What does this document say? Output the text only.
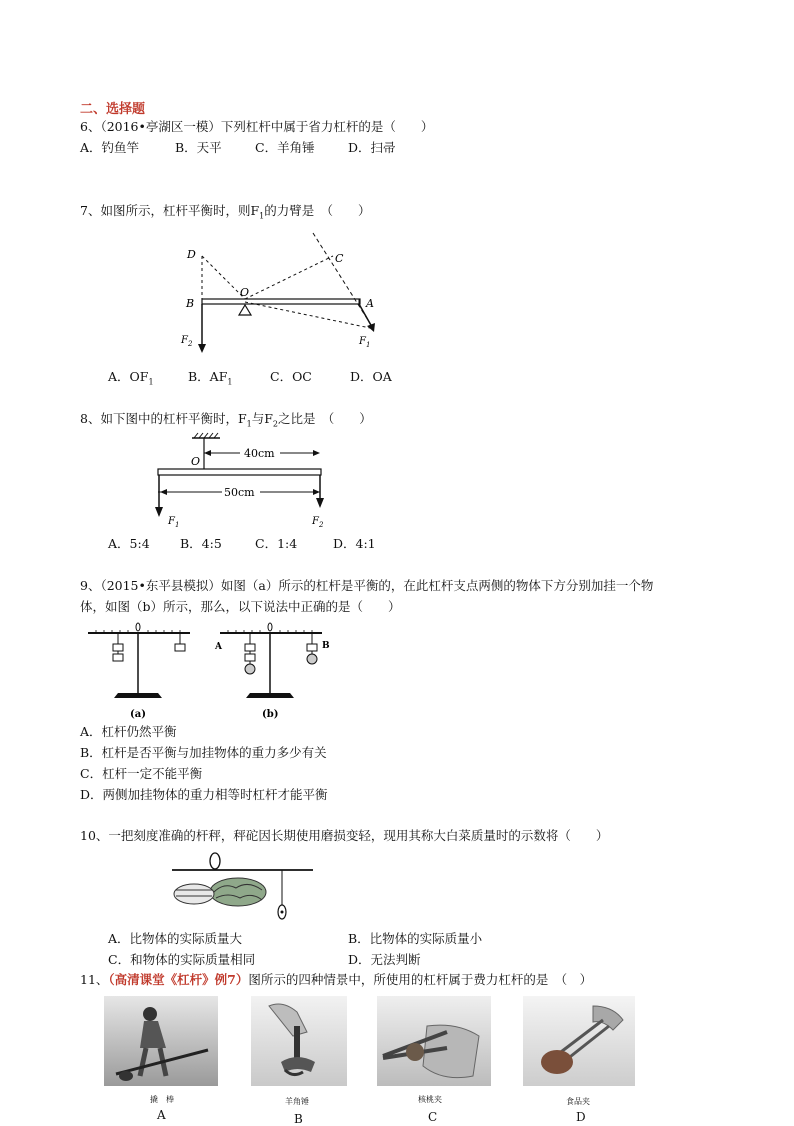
二、选择题
6、（2016•亭湖区一模）下列杠杆中属于省力杠杆的是（　　）
A．钓鱼竿	B．天平	C．羊角锤	D．扫帚
7、如图所示，杠杆平衡时，则$F_1$的力臂是　（　　）
D	C
O
B	A
$F_2$	$F_1$
A．$OF_1$	B．$AF_1$	C．OC	D．OA
8、如下图中的杠杆平衡时，$F_1$与$F_2$之比是　（　　）
40cm
50cm
O
$F_1$	$F_2$
A．5:4 B．4:5	C．1:4	D．4:1
9、（2015•东平县模拟）如图（a）所示的杠杆是平衡的，在此杠杆支点两侧的物体下方分别加挂一个物
体，如图（b）所示，那么，以下说法中正确的是（　　）
(a)
A	B
(b)
A．杠杆仍然平衡
B．杠杆是否平衡与加挂物体的重力多少有关
C．杠杆一定不能平衡
D．两侧加挂物体的重力相等时杠杆才能平衡
10、一把刻度准确的杆秤，秤砣因长期使用磨损变轻，现用其称大白菜质量时的示数将（　　）
A．比物体的实际质量大	B．比物体的实际质量小
C．和物体的实际质量相同	D．无法判断
11、（高清课堂《杠杆》例7）图所示的四种情景中，所使用的杠杆属于费力杠杆的是　（　）
撬　棒
A
羊角锤
B
核桃夹
C
食品夹
D
